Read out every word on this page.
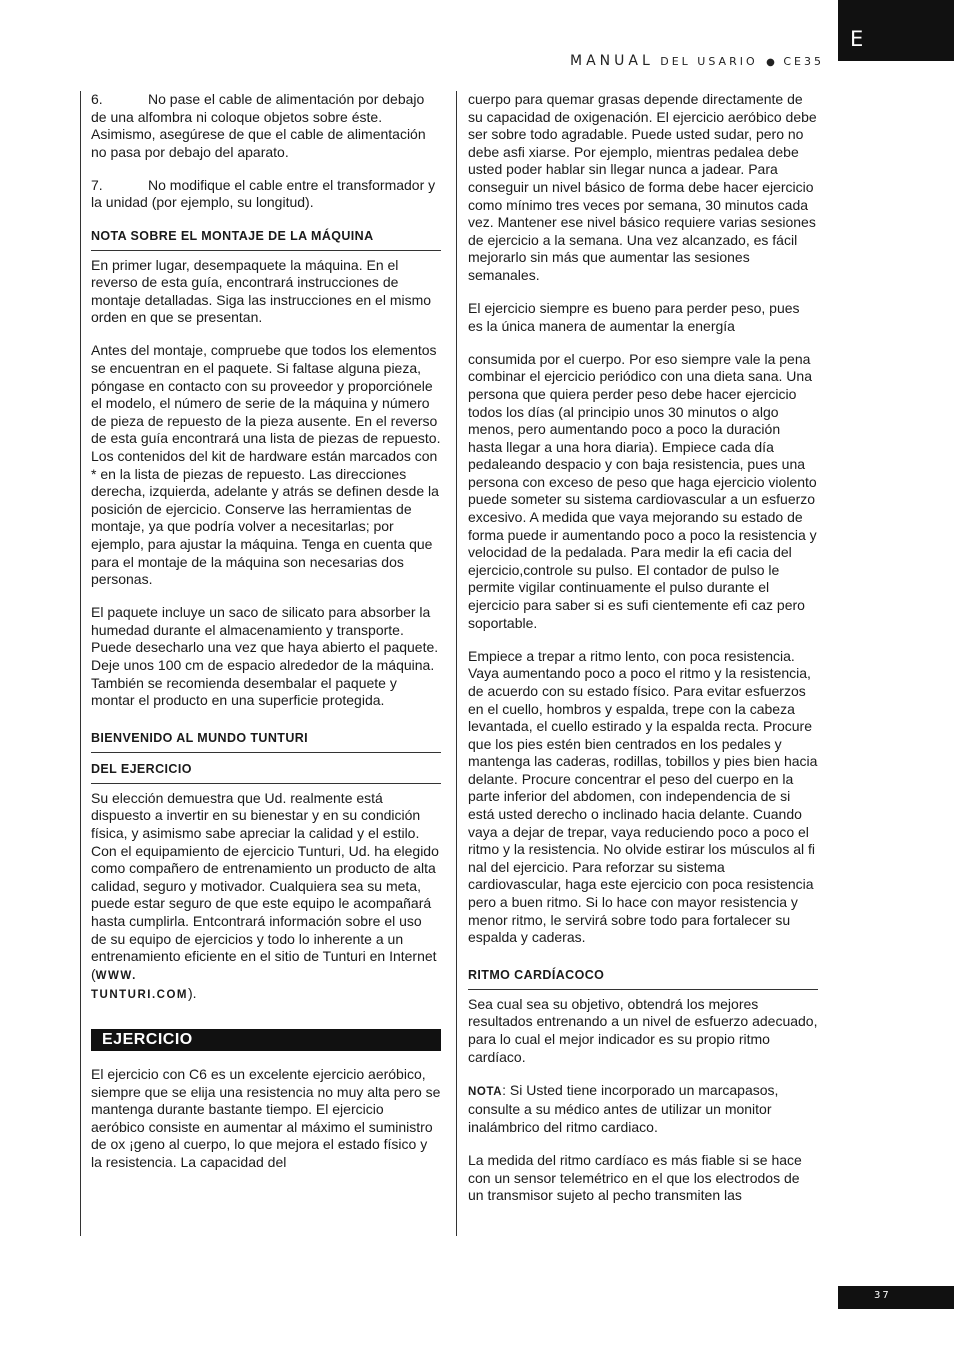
E
MANUAL DEL USARIO ● CE35

6.	No pase el cable de alimentación por debajo de una alfombra ni coloque objetos sobre éste. Asimismo, asegúrese de que el cable de alimentación no pasa por debajo del aparato.

7.	No modifique el cable entre el transformador y la unidad (por ejemplo, su longitud).

NOTA SOBRE EL MONTAJE DE LA MÁQUINA

En primer lugar, desempaquete la máquina. En el reverso de esta guía, encontrará instrucciones de montaje detalladas. Siga las instrucciones en el mismo orden en que se presentan.

Antes del montaje, compruebe que todos los elementos se encuentran en el paquete. Si faltase alguna pieza, póngase en contacto con su proveedor y proporciónele el modelo, el número de serie de la máquina y número de pieza de repuesto de la pieza ausente. En el reverso de esta guía encontrará una lista de piezas de repuesto. Los contenidos del kit de hardware están marcados con * en la lista de piezas de repuesto. Las direcciones derecha, izquierda, adelante y atrás se definen desde la posición de ejercicio. Conserve las herramientas de montaje, ya que podría volver a necesitarlas; por ejemplo, para ajustar la máquina. Tenga en cuenta que para el montaje de la máquina son necesarias dos personas.

El paquete incluye un saco de silicato para absorber la humedad durante el almacenamiento y transporte. Puede desecharlo una vez que haya abierto el paquete. Deje unos 100 cm de espacio alrededor de la máquina. También se recomienda desembalar el paquete y montar el producto en una superficie protegida.

BIENVENIDO AL MUNDO TUNTURI
DEL EJERCICIO

Su elección demuestra que Ud. realmente está dispuesto a invertir en su bienestar y en su condición física, y asimismo sabe apreciar la calidad y el estilo. Con el equipamiento de ejercicio Tunturi, Ud. ha elegido como compañero de entrenamiento un producto de alta calidad, seguro y motivador. Cualquiera sea su meta, puede estar seguro de que este equipo le acompañará hasta cumplirla. Entcontrará información sobre el uso de su equipo de ejercicios y todo lo inherente a un entrenamiento eficiente en el sitio de Tunturi en Internet (WWW.
TUNTURI.COM).

EJERCICIO

El ejercicio con C6 es un excelente ejercicio aeróbico, siempre que se elija una resistencia no muy alta pero se mantenga durante bastante tiempo. El ejercicio aeróbico consiste en aumentar al máximo el suministro de ox ¡geno al cuerpo, lo que mejora el estado físico y la resistencia. La capacidad del

cuerpo para quemar grasas depende directamente de su capacidad de oxigenación. El ejercicio aeróbico debe ser sobre todo agradable. Puede usted sudar, pero no debe asfi xiarse. Por ejemplo, mientras pedalea debe usted poder hablar sin llegar nunca a jadear. Para conseguir un nivel básico de forma debe hacer ejercicio como mínimo tres veces por semana, 30 minutos cada vez. Mantener ese nivel básico requiere varias sesiones de ejercicio a la semana. Una vez alcanzado, es fácil mejorarlo sin más que aumentar las sesiones semanales.

El ejercicio siempre es bueno para perder peso, pues es la única manera de aumentar la energía

consumida por el cuerpo. Por eso siempre vale la pena combinar el ejercicio periódico con una dieta sana. Una persona que quiera perder peso debe hacer ejercicio todos los días (al principio unos 30 minutos o algo menos, pero aumentando poco a poco la duración hasta llegar a una hora diaria). Empiece cada día pedaleando despacio y con baja resistencia, pues una persona con exceso de peso que haga ejercicio violento puede someter su sistema cardiovascular a un esfuerzo excesivo. A medida que vaya mejorando su estado de forma puede ir aumentando poco a poco la resistencia y velocidad de la pedalada. Para medir la efi cacia del ejercicio,controle su pulso. El contador de pulso le permite vigilar continuamente el pulso durante el ejercicio para saber si es sufi cientemente efi caz pero soportable.

Empiece a trepar a ritmo lento, con poca resistencia. Vaya aumentando poco a poco el ritmo y la resistencia, de acuerdo con su estado físico. Para evitar esfuerzos en el cuello, hombros y espalda, trepe con la cabeza levantada, el cuello estirado y la espalda recta. Procure que los pies estén bien centrados en los pedales y mantenga las caderas, rodillas, tobillos y pies bien hacia delante. Procure concentrar el peso del cuerpo en la parte inferior del abdomen, con independencia de si está usted derecho o inclinado hacia delante. Cuando vaya a dejar de trepar, vaya reduciendo poco a poco el ritmo y la resistencia. No olvide estirar los músculos al fi nal del ejercicio. Para reforzar su sistema cardiovascular, haga este ejercicio con poca resistencia pero a buen ritmo. Si lo hace con mayor resistencia y menor ritmo, le servirá sobre todo para fortalecer su espalda y caderas.

RITMO CARDÍACOCO

Sea cual sea su objetivo, obtendrá los mejores resultados entrenando a un nivel de esfuerzo adecuado, para lo cual el mejor indicador es su propio ritmo cardíaco.

NOTA: Si Usted tiene incorporado un marcapasos, consulte a su médico antes de utilizar un monitor inalámbrico del ritmo cardiaco.

La medida del ritmo cardíaco es más fiable si se hace con un sensor telemétrico en el que los electrodos de un transmisor sujeto al pecho transmiten las

37
